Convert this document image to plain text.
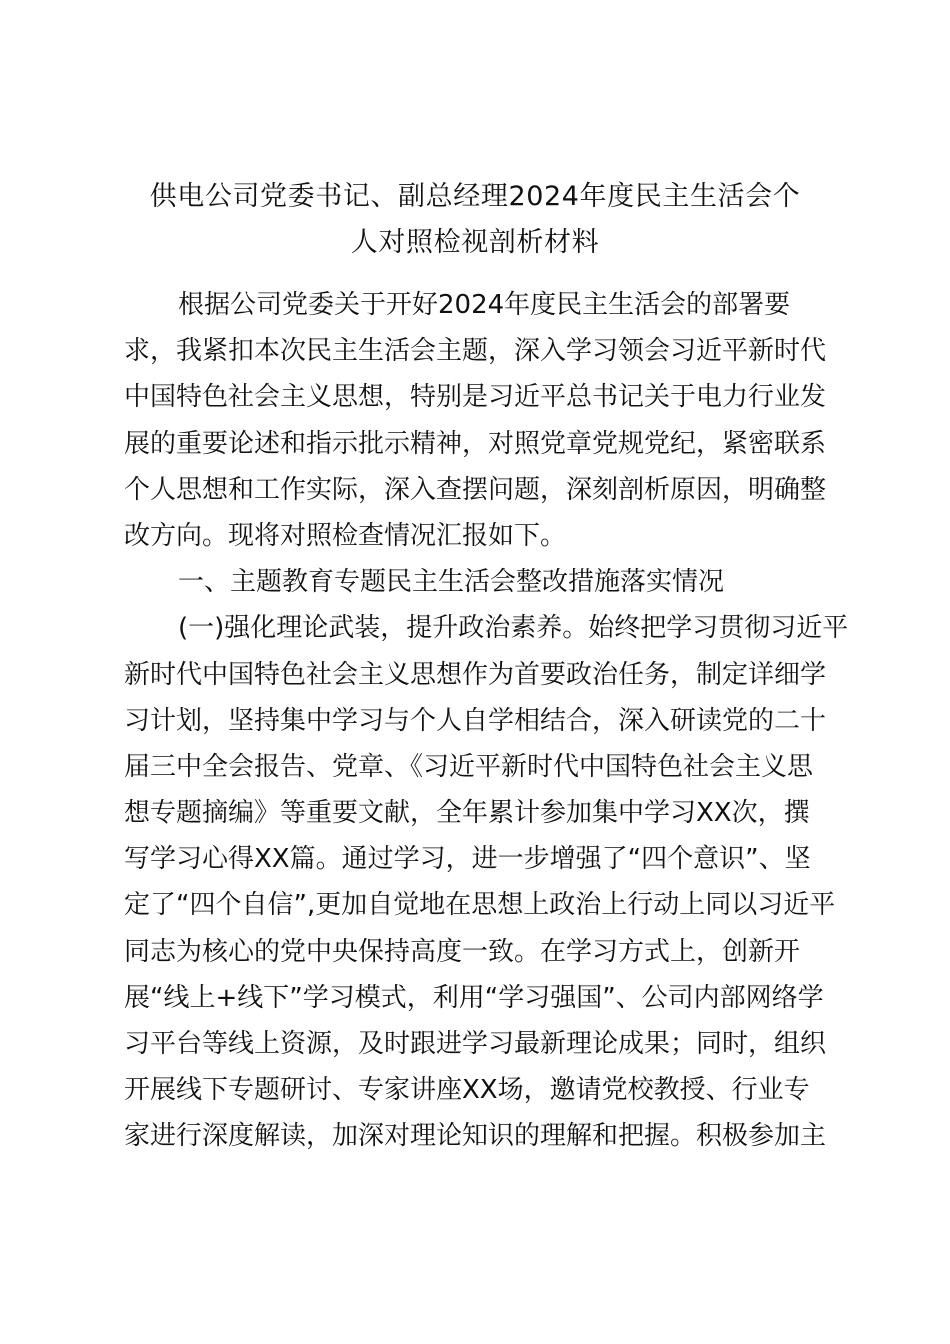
供电公司党委书记、副总经理2024年度民主生活会个
人对照检视剖析材料
根据公司党委关于开好2024年度民主生活会的部署要
求，我紧扣本次民主生活会主题，深入学习领会习近平新时代
中国特色社会主义思想，特别是习近平总书记关于电力行业发
展的重要论述和指示批示精神，对照党章党规党纪，紧密联系
个人思想和工作实际，深入查摆问题，深刻剖析原因，明确整
改方向。现将对照检查情况汇报如下。
一、主题教育专题民主生活会整改措施落实情况
(一)强化理论武装，提升政治素养。始终把学习贯彻习近平
新时代中国特色社会主义思想作为首要政治任务，制定详细学
习计划，坚持集中学习与个人自学相结合，深入研读党的二十
届三中全会报告、党章、《习近平新时代中国特色社会主义思
想专题摘编》等重要文献，全年累计参加集中学习XX次，撰
写学习心得XX篇。通过学习，进一步增强了“四个意识”、坚
定了“四个自信”,更加自觉地在思想上政治上行动上同以习近平
同志为核心的党中央保持高度一致。在学习方式上，创新开
展“线上+线下”学习模式，利用“学习强国”、公司内部网络学
习平台等线上资源，及时跟进学习最新理论成果；同时，组织
开展线下专题研讨、专家讲座XX场，邀请党校教授、行业专
家进行深度解读，加深对理论知识的理解和把握。积极参加主
